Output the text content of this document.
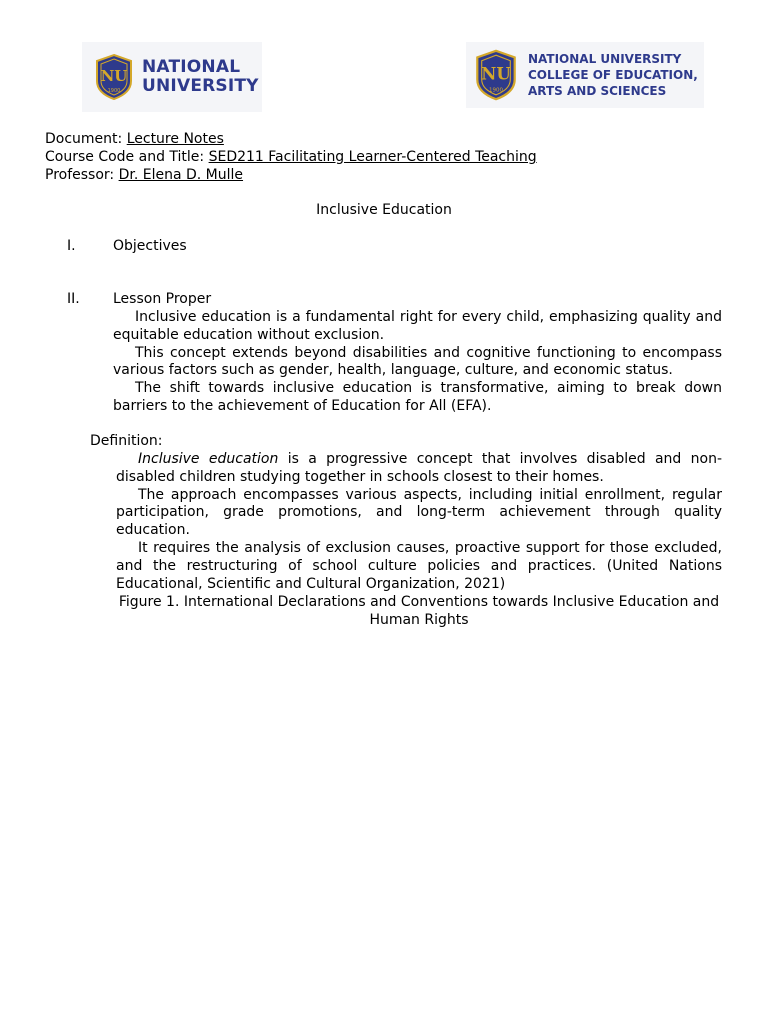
NU
1900
NATIONAL
UNIVERSITY
NU
1900
NATIONAL UNIVERSITY
COLLEGE OF EDUCATION,
ARTS AND SCIENCES
Document: Lecture Notes
Course Code and Title: SED211 Facilitating Learner-Centered Teaching
Professor: Dr. Elena D. Mulle
Inclusive Education
I.	Objectives
II. Lesson Proper

Inclusive education is a fundamental right for every child, emphasizing quality and equitable education without exclusion.

This concept extends beyond disabilities and cognitive functioning to encompass various factors such as gender, health, language, culture, and economic status.

The shift towards inclusive education is transformative, aiming to break down barriers to the achievement of Education for All (EFA).

Definition:

Inclusive education is a progressive concept that involves disabled and non-disabled children studying together in schools closest to their homes.

The approach encompasses various aspects, including initial enrollment, regular participation, grade promotions, and long-term achievement through quality education.

It requires the analysis of exclusion causes, proactive support for those excluded, and the restructuring of school culture policies and practices. (United Nations Educational, Scientific and Cultural Organization, 2021)

Figure 1. International Declarations and Conventions towards Inclusive Education and Human Rights
